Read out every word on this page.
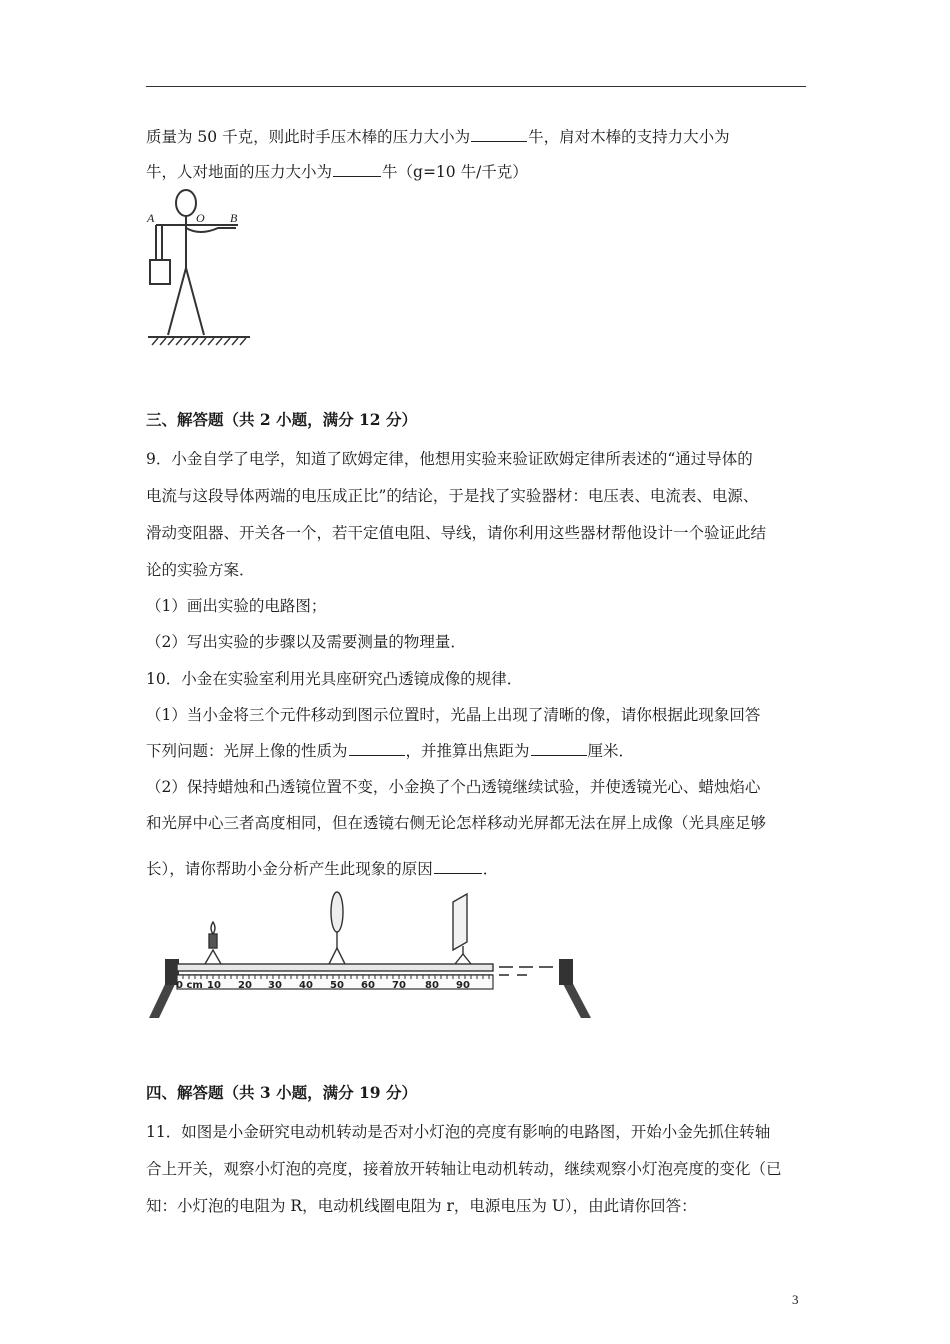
质量为 50 千克，则此时手压木棒的压力大小为	牛，肩对木棒的支持力大小为
牛，人对地面的压力大小为	牛（g=10 牛/千克）
A	O B
三、解答题（共 2 小题，满分 12 分）
9．小金自学了电学，知道了欧姆定律，他想用实验来验证欧姆定律所表述的“通过导体的
电流与这段导体两端的电压成正比”的结论，于是找了实验器材：电压表、电流表、电源、
滑动变阻器、开关各一个，若干定值电阻、导线，请你利用这些器材帮他设计一个验证此结
论的实验方案．
（1）画出实验的电路图；
（2）写出实验的步骤以及需要测量的物理量．
10．小金在实验室利用光具座研究凸透镜成像的规律．
（1）当小金将三个元件移动到图示位置时，光晶上出现了清晰的像，请你根据此现象回答
下列问题：光屏上像的性质为	，并推算出焦距为	厘米．
（2）保持蜡烛和凸透镜位置不变，小金换了个凸透镜继续试验，并使透镜光心、蜡烛焰心
和光屏中心三者高度相同，但在透镜右侧无论怎样移动光屏都无法在屏上成像（光具座足够
长），请你帮助小金分析产生此现象的原因	．
0 cm 10 20 30 40 50 60 70 80 90
四、解答题（共 3 小题，满分 19 分）
11．如图是小金研究电动机转动是否对小灯泡的亮度有影响的电路图，开始小金先抓住转轴
合上开关，观察小灯泡的亮度，接着放开转轴让电动机转动，继续观察小灯泡亮度的变化（已
知：小灯泡的电阻为 R，电动机线圈电阻为 r，电源电压为 U），由此请你回答：
3
